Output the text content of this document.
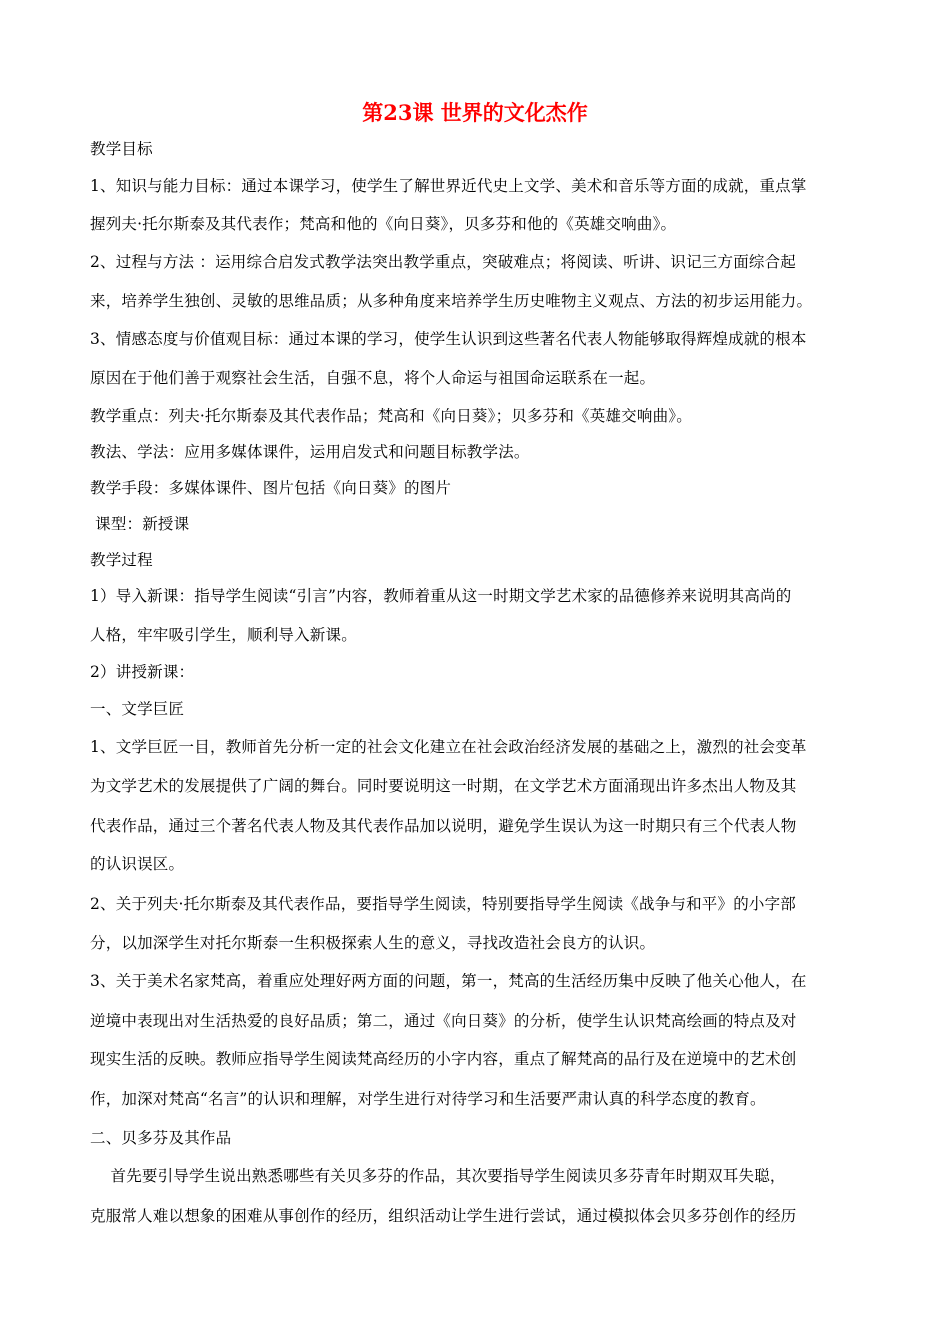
第23课 世界的文化杰作
教学目标
1、知识与能力目标：通过本课学习，使学生了解世界近代史上文学、美术和音乐等方面的成就，重点掌
握列夫·托尔斯泰及其代表作；梵高和他的《向日葵》，贝多芬和他的《英雄交响曲》。
2、过程与方法 ：运用综合启发式教学法突出教学重点，突破难点；将阅读、听讲、识记三方面综合起
来，培养学生独创、灵敏的思维品质；从多种角度来培养学生历史唯物主义观点、方法的初步运用能力。
3、情感态度与价值观目标：通过本课的学习，使学生认识到这些著名代表人物能够取得辉煌成就的根本
原因在于他们善于观察社会生活，自强不息，将个人命运与祖国命运联系在一起。
教学重点：列夫·托尔斯泰及其代表作品；梵高和《向日葵》；贝多芬和《英雄交响曲》。
教法、学法：应用多媒体课件，运用启发式和问题目标教学法。
教学手段：多媒体课件、图片包括《向日葵》的图片
课型：新授课
教学过程
1）导入新课：指导学生阅读“引言”内容，教师着重从这一时期文学艺术家的品德修养来说明其高尚的
人格，牢牢吸引学生，顺利导入新课。
2）讲授新课：
一、文学巨匠
1、文学巨匠一目，教师首先分析一定的社会文化建立在社会政治经济发展的基础之上，激烈的社会变革
为文学艺术的发展提供了广阔的舞台。同时要说明这一时期，在文学艺术方面涌现出许多杰出人物及其
代表作品，通过三个著名代表人物及其代表作品加以说明，避免学生误认为这一时期只有三个代表人物
的认识误区。
2、关于列夫·托尔斯泰及其代表作品，要指导学生阅读，特别要指导学生阅读《战争与和平》的小字部
分，以加深学生对托尔斯泰一生积极探索人生的意义，寻找改造社会良方的认识。
3、关于美术名家梵高，着重应处理好两方面的问题，第一，梵高的生活经历集中反映了他关心他人，在
逆境中表现出对生活热爱的良好品质；第二，通过《向日葵》的分析，使学生认识梵高绘画的特点及对
现实生活的反映。教师应指导学生阅读梵高经历的小字内容，重点了解梵高的品行及在逆境中的艺术创
作，加深对梵高“名言”的认识和理解，对学生进行对待学习和生活要严肃认真的科学态度的教育。
二、贝多芬及其作品
首先要引导学生说出熟悉哪些有关贝多芬的作品，其次要指导学生阅读贝多芬青年时期双耳失聪，
克服常人难以想象的困难从事创作的经历，组织活动让学生进行尝试，通过模拟体会贝多芬创作的经历
